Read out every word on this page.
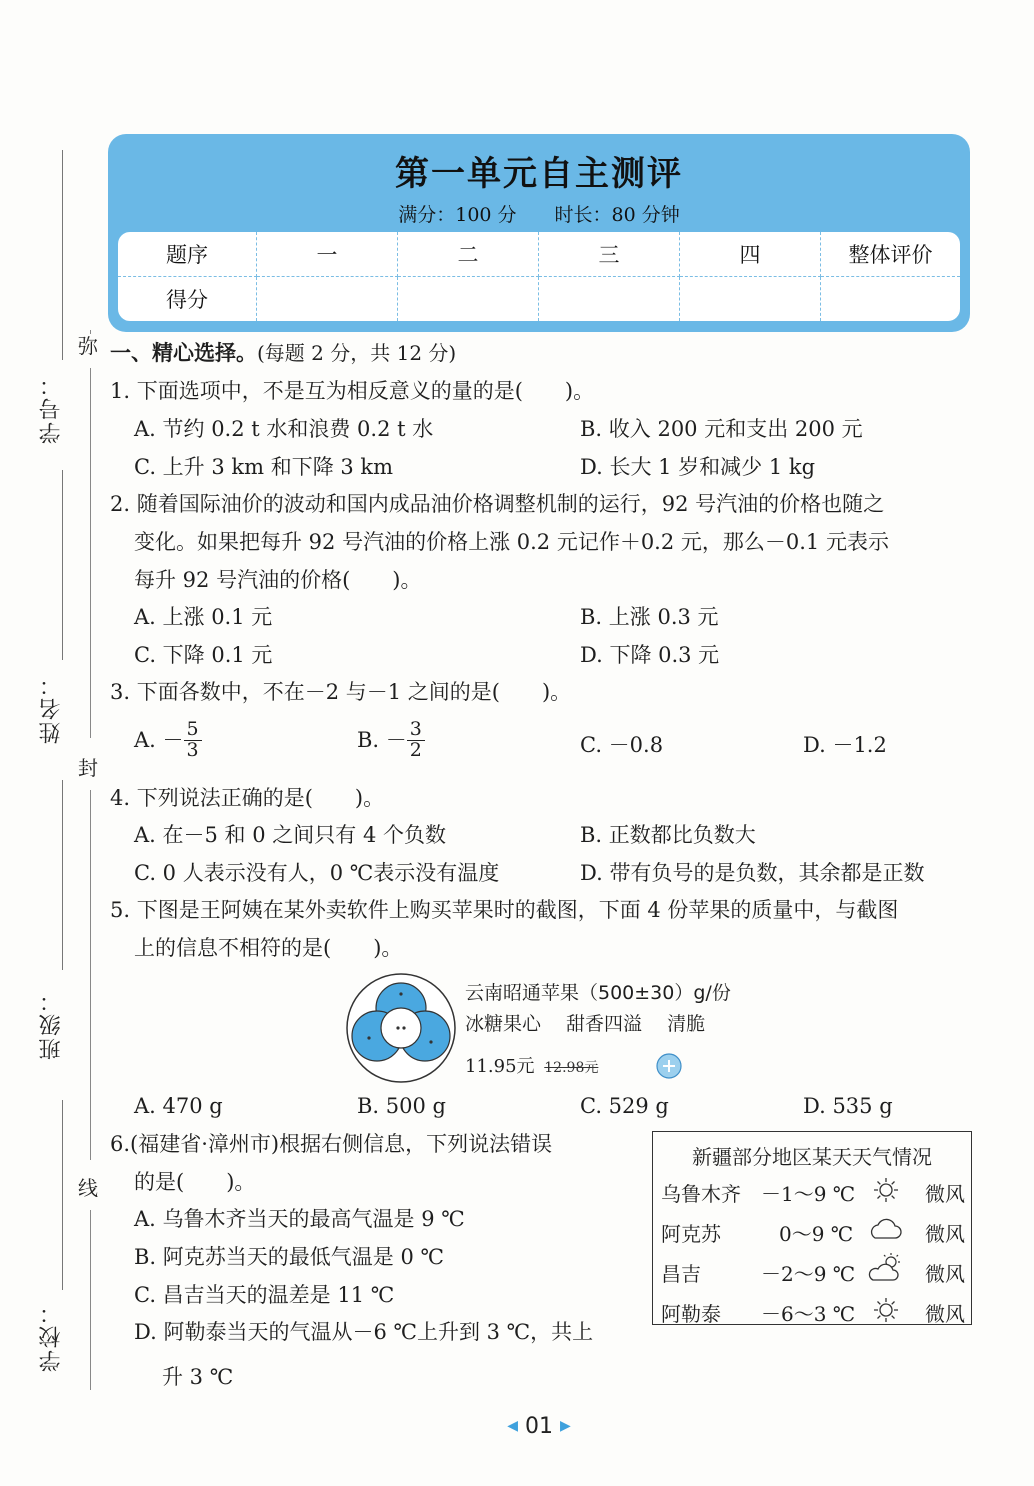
学号：
姓名：
班级：
学校：
弥
封
线
第一单元自主测评
满分：100 分　　时长：80 分钟
题序	一	二	三	四	整体评价
得分					
一、精心选择。(每题 2 分，共 12 分)
1. 下面选项中，不是互为相反意义的量的是(　　)。
A. 节约 0.2 t 水和浪费 0.2 t 水	B. 收入 200 元和支出 200 元
C. 上升 3 km 和下降 3 km	D. 长大 1 岁和减少 1 kg
2. 随着国际油价的波动和国内成品油价格调整机制的运行，92 号汽油的价格也随之
变化。如果把每升 92 号汽油的价格上涨 0.2 元记作＋0.2 元，那么－0.1 元表示
每升 92 号汽油的价格(　　)。
A. 上涨 0.1 元	B. 上涨 0.3 元
C. 下降 0.1 元	D. 下降 0.3 元
3. 下面各数中，不在－2 与－1 之间的是(　　)。
A. － $\frac{5}{3}$	B. － $\frac{3}{2}$	C. －0.8	D. －1.2
4. 下列说法正确的是(　　)。
A. 在－5 和 0 之间只有 4 个负数	B. 正数都比负数大
C. 0 人表示没有人，0 ℃表示没有温度	D. 带有负号的是负数，其余都是正数
5. 下图是王阿姨在某外卖软件上购买苹果时的截图，下面 4 份苹果的质量中，与截图
上的信息不相符的是(　　)。
云南昭通苹果（500±30）g/份
冰糖果心　 甜香四溢　 清脆
11.95元 12.98元
A. 470 g	B. 500 g	C. 529 g	D. 535 g
6.(福建省·漳州市)根据右侧信息，下列说法错误
的是(　　)。
A. 乌鲁木齐当天的最高气温是 9 ℃
B. 阿克苏当天的最低气温是 0 ℃
C. 昌吉当天的温差是 11 ℃
D. 阿勒泰当天的气温从－6 ℃上升到 3 ℃，共上
升 3 ℃
新疆部分地区某天天气情况
乌鲁木齐 －1～9 ℃	微风
阿克苏	0～9 ℃	微风
昌吉	－2～9 ℃	微风
阿勒泰 －6～3 ℃	微风
◀ 01 ▶
